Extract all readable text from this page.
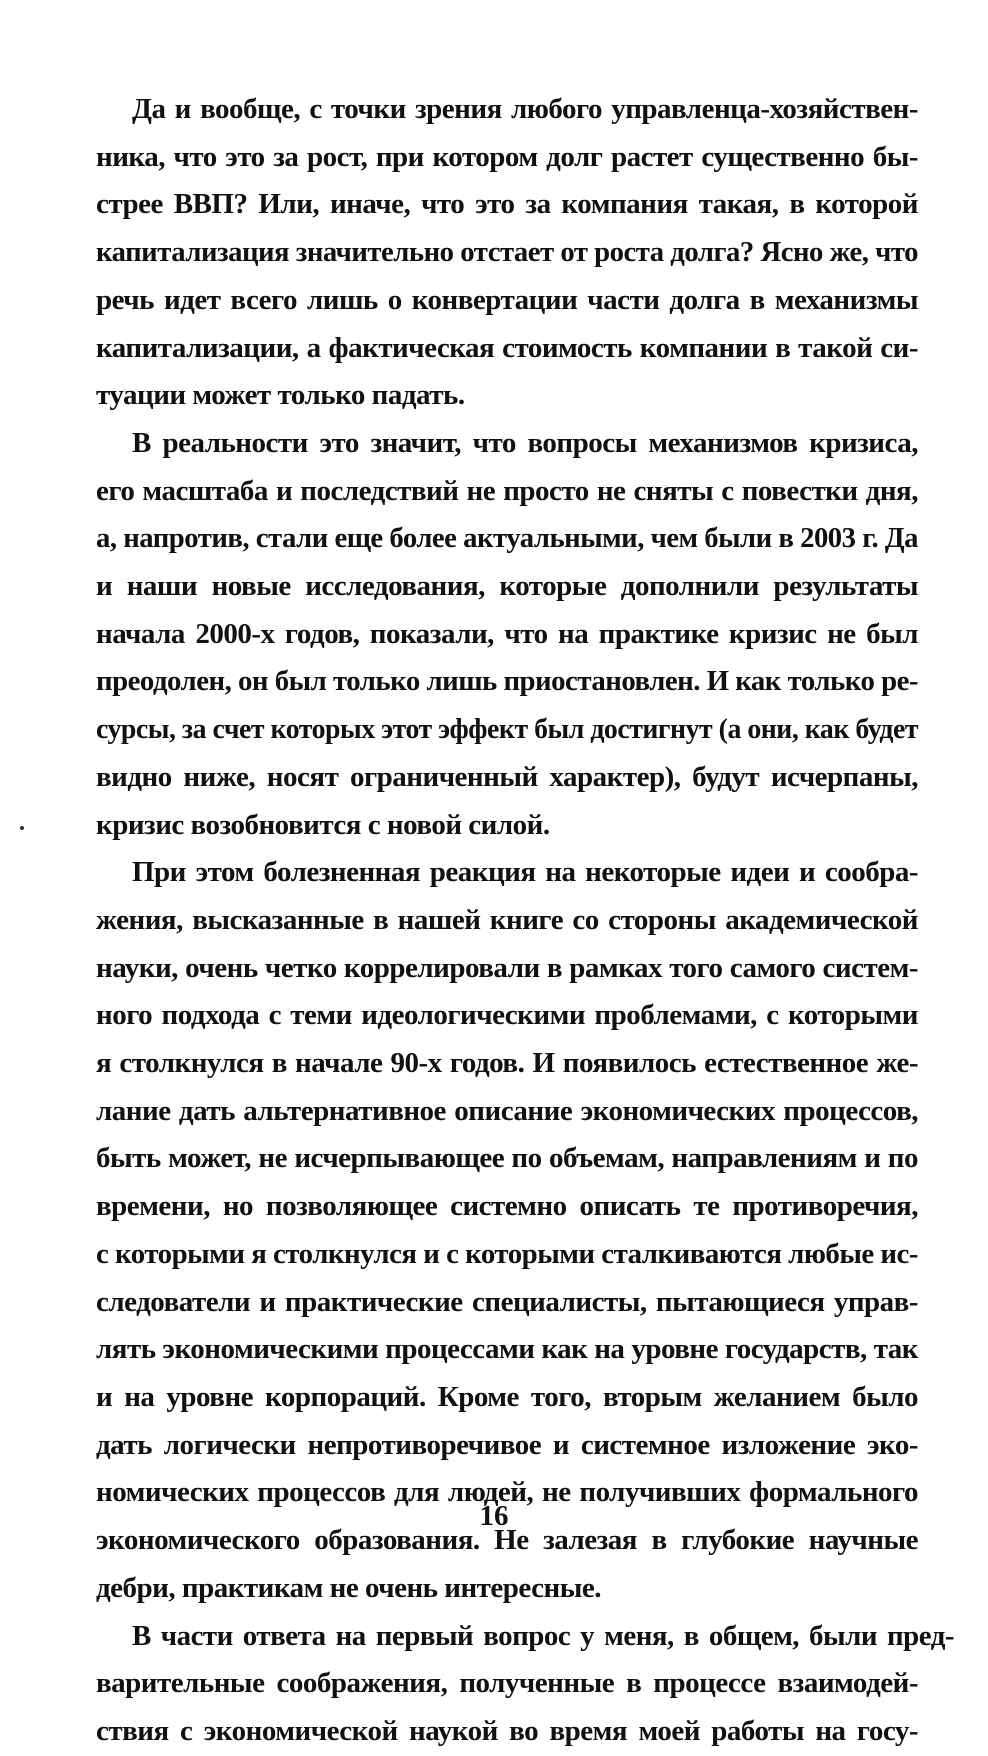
Да и вообще, с точки зрения любого управленца-хозяйствен-
ника, что это за рост, при котором долг растет существенно бы-
стрее ВВП? Или, иначе, что это за компания такая, в которой
капитализация значительно отстает от роста долга? Ясно же, что
речь идет всего лишь о конвертации части долга в механизмы
капитализации, а фактическая стоимость компании в такой си-
туации может только падать.
В реальности это значит, что вопросы механизмов кризиса,
его масштаба и последствий не просто не сняты с повестки дня,
а, напротив, стали еще более актуальными, чем были в 2003 г. Да
и наши новые исследования, которые дополнили результаты
начала 2000-х годов, показали, что на практике кризис не был
преодолен, он был только лишь приостановлен. И как только ре-
сурсы, за счет которых этот эффект был достигнут (а они, как будет
видно ниже, носят ограниченный характер), будут исчерпаны,
кризис возобновится с новой силой.
При этом болезненная реакция на некоторые идеи и сообра-
жения, высказанные в нашей книге со стороны академической
науки, очень четко коррелировали в рамках того самого систем-
ного подхода с теми идеологическими проблемами, с которыми
я столкнулся в начале 90-х годов. И появилось естественное же-
лание дать альтернативное описание экономических процессов,
быть может, не исчерпывающее по объемам, направлениям и по
времени, но позволяющее системно описать те противоречия,
с которыми я столкнулся и с которыми сталкиваются любые ис-
следователи и практические специалисты, пытающиеся управ-
лять экономическими процессами как на уровне государств, так
и на уровне корпораций. Кроме того, вторым желанием было
дать логически непротиворечивое и системное изложение эко-
номических процессов для людей, не получивших формального
экономического образования. Не залезая в глубокие научные
дебри, практикам не очень интересные.
В части ответа на первый вопрос у меня, в общем, были пред-
варительные соображения, полученные в процессе взаимодей-
ствия с экономической наукой во время моей работы на госу-
16
